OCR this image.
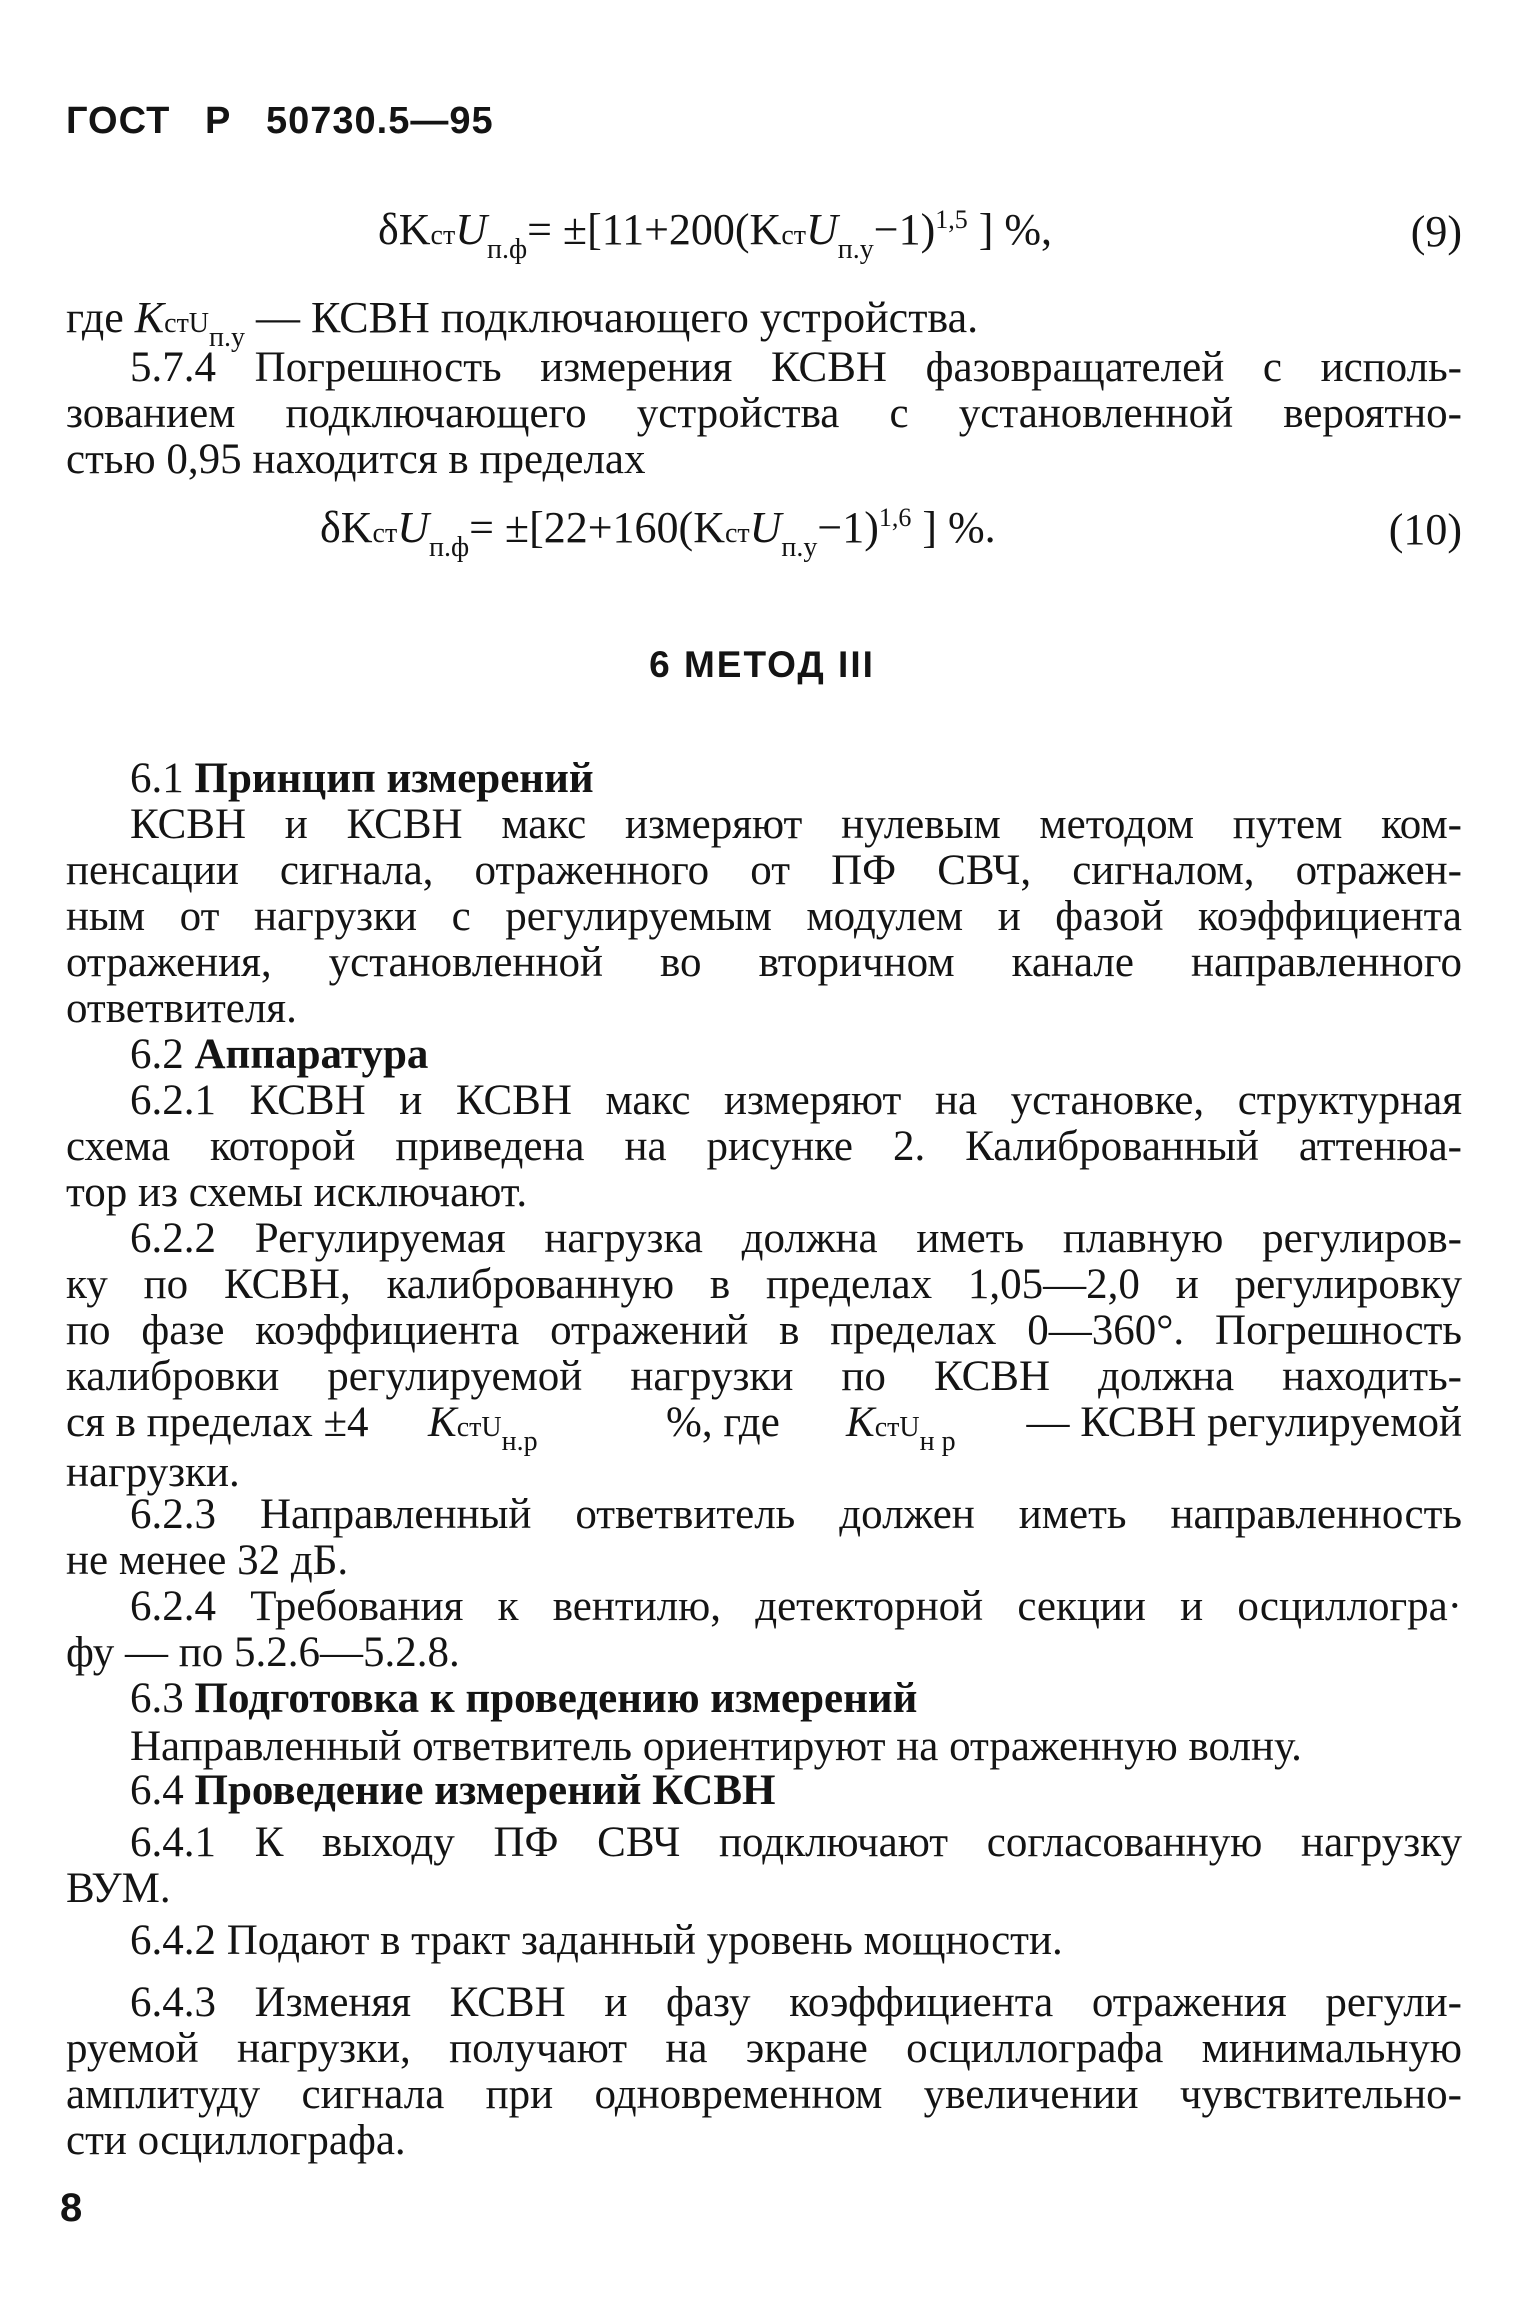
ГОСТ   Р   50730.5—95
δKстU$_{п.ф}$= ±[11+200(KстU$_{п.у}$−1)$^{1,5}$ ] %,	(9)
где KстU$_{п.у}$ — КСВН подключающего устройства.
5.7.4 Погрешность измерения КСВН фазовращателей с исполь-
зованием подключающего устройства с установленной вероятно-
стью 0,95 находится в пределах
δKстU$_{п.ф}$= ±[22+160(KстU$_{п.у}$−1)$^{1,6}$ ] %.	(10)
6 МЕТОД III
6.1 Принцип измерений
КСВН и КСВН макс измеряют нулевым методом путем ком-
пенсации сигнала, отраженного от ПФ СВЧ, сигналом, отражен-
ным от нагрузки с регулируемым модулем и фазой коэффициента
отражения, установленной во вторичном канале направленного
ответвителя.
6.2 Аппаратура
6.2.1 КСВН и КСВН макс измеряют на установке, структурная
схема которой приведена на рисунке 2. Калиброванный аттенюа-
тор из схемы исключают.
6.2.2 Регулируемая нагрузка должна иметь плавную регулиров-
ку по КСВН, калиброванную в пределах 1,05—2,0 и регулировку
по фазе коэффициента отражений в пределах 0—360°. Погрешность
калибровки регулируемой нагрузки по КСВН должна находить-
ся в пределах ±4 KстU$_{н.р}$	%, где KстU$_{н р}$ — КСВН регулируемой
нагрузки.
6.2.3 Направленный ответвитель должен иметь направленность
не менее 32 дБ.
6.2.4 Требования к вентилю, детекторной секции и осциллогра·
фу — по 5.2.6—5.2.8.
6.3 Подготовка к проведению измерений
Направленный ответвитель ориентируют на отраженную волну.
6.4 Проведение измерений КСВН
6.4.1 К выходу ПФ СВЧ подключают согласованную нагрузку
ВУМ.
6.4.2 Подают в тракт заданный уровень мощности.
6.4.3 Изменяя КСВН и фазу коэффициента отражения регули-
руемой нагрузки, получают на экране осциллографа минимальную
амплитуду сигнала при одновременном увеличении чувствительно-
сти осциллографа.
8
